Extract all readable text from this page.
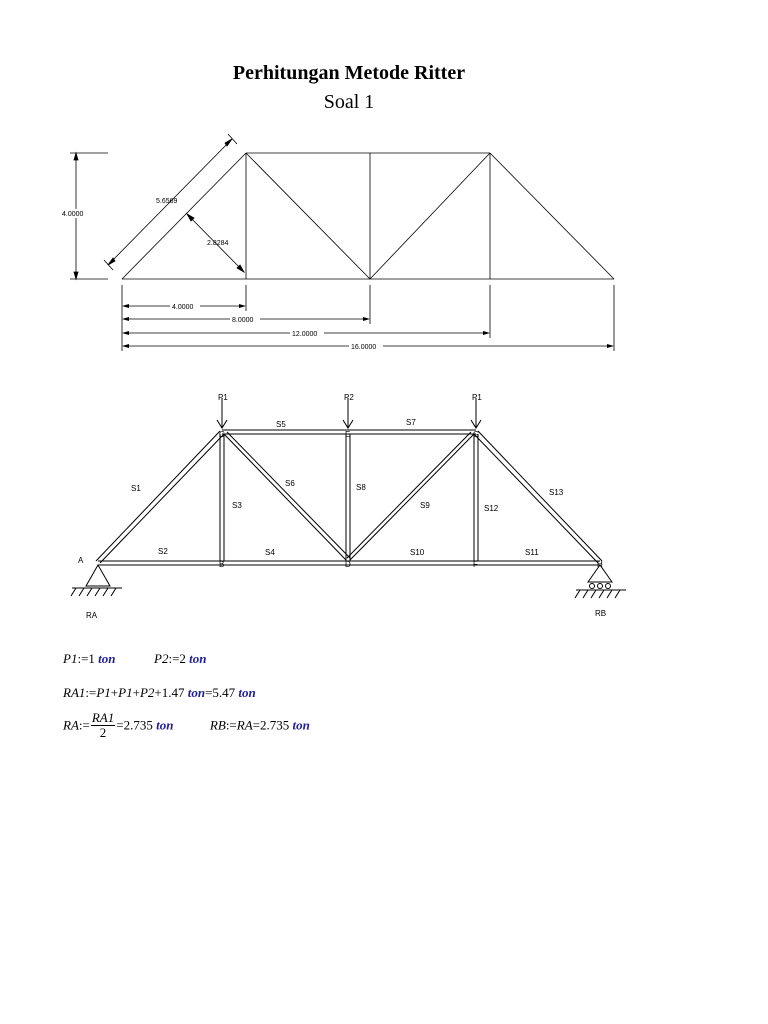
Perhitungan Metode Ritter
Soal 1
4.0000
5.6569
2.8284
4.0000
8.0000
12.0000
16.0000
A	B
C
D
E
F
G
H
S1
S2
S3
S4
S5
S6
S7
S8
S9
S10	S11
S12
S13
P1	P2	P1
RA	RB
P1:=1 ton	P2:=2 ton
RA1:=P1+P1+P2+1.47 ton=5.47 ton
RA:= $\frac{RA1}{2} =2.735$ ton	RB:=RA=2.735 ton
